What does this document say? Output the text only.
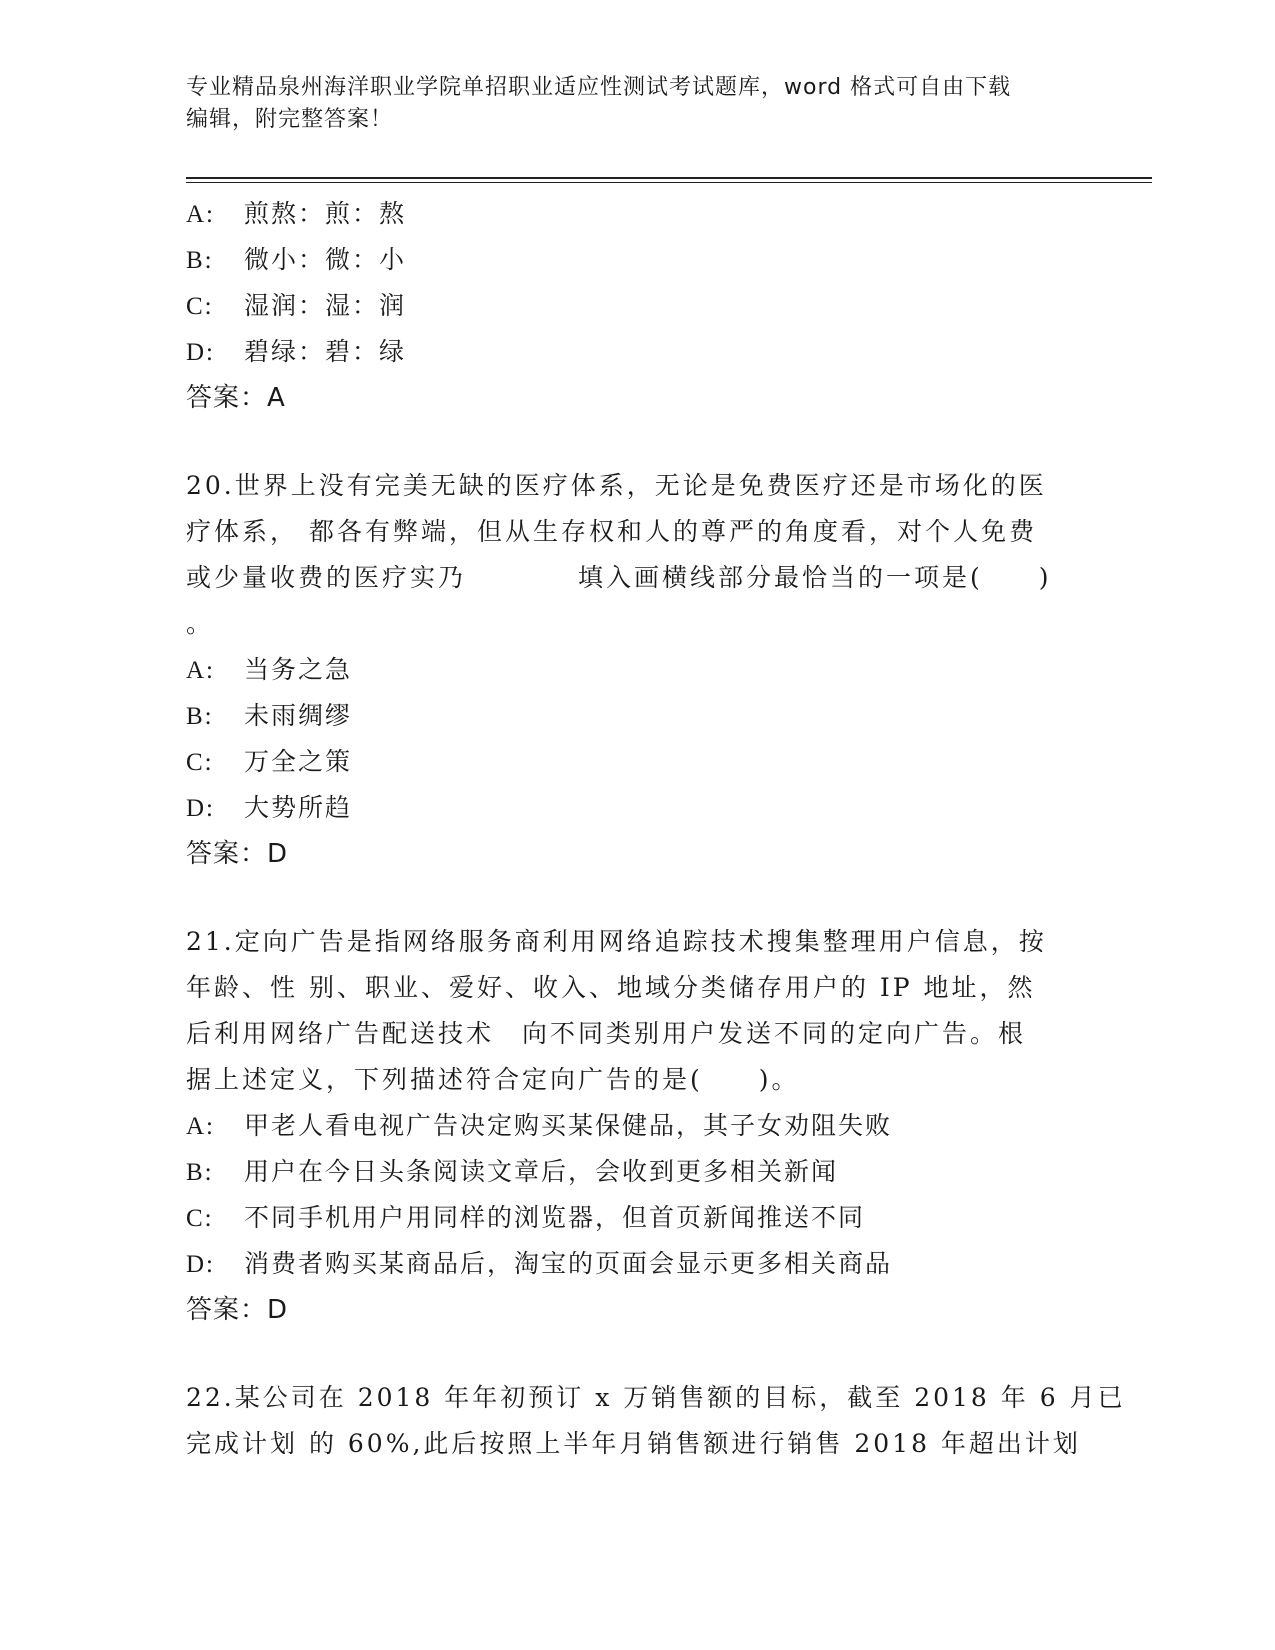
专业精品泉州海洋职业学院单招职业适应性测试考试题库，word 格式可自由下载
编辑，附完整答案！
A: 煎熬：煎：熬
B: 微小：微：小
C: 湿润：湿：润
D: 碧绿：碧：绿
答案：A
20.世界上没有完美无缺的医疗体系，无论是免费医疗还是市场化的医
疗体系， 都各有弊端，但从生存权和人的尊严的角度看，对个人免费
或少量收费的医疗实乃　　　　填入画横线部分最恰当的一项是(　　)
。
A: 当务之急
B: 未雨绸缪
C: 万全之策
D: 大势所趋
答案：D
21.定向广告是指网络服务商利用网络追踪技术搜集整理用户信息，按
年龄、性 别、职业、爱好、收入、地域分类储存用户的 IP 地址，然
后利用网络广告配送技术　向不同类别用户发送不同的定向广告。根
据上述定义，下列描述符合定向广告的是(　　)。
A: 甲老人看电视广告决定购买某保健品，其子女劝阻失败
B: 用户在今日头条阅读文章后，会收到更多相关新闻
C: 不同手机用户用同样的浏览器，但首页新闻推送不同
D: 消费者购买某商品后，淘宝的页面会显示更多相关商品
答案：D
22.某公司在 2018 年年初预订 x 万销售额的目标，截至 2018 年 6 月已
完成计划 的 60%,此后按照上半年月销售额进行销售 2018 年超出计划
